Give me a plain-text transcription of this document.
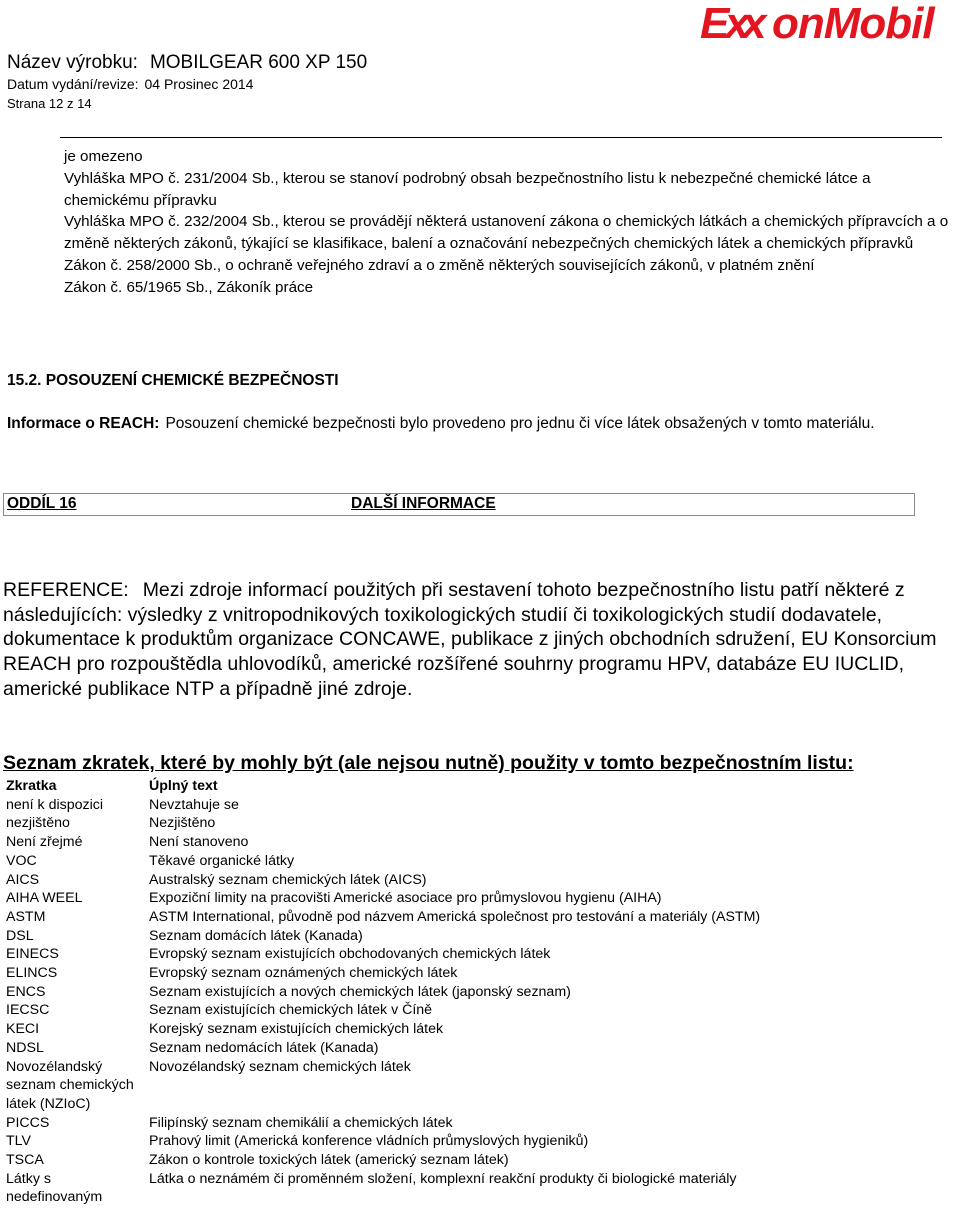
Název výrobku: MOBILGEAR 600 XP 150
Datum vydání/revize: 04 Prosinec 2014
Strana 12 z 14
E
x
x onMobil

je omezeno

Vyhláška MPO č. 231/2004 Sb., kterou se stanoví podrobný obsah bezpečnostního listu k nebezpečné chemické látce a chemickému přípravku

Vyhláška MPO č. 232/2004 Sb., kterou se provádějí některá ustanovení zákona o chemických látkách a chemických přípravcích a o změně některých zákonů, týkající se klasifikace, balení a označování nebezpečných chemických látek a chemických přípravků

Zákon č. 258/2000 Sb., o ochraně veřejného zdraví a o změně některých souvisejících zákonů, v platném znění

Zákon č. 65/1965 Sb., Zákoník práce

15.2. POSOUZENÍ CHEMICKÉ BEZPEČNOSTI
Informace o REACH: Posouzení chemické bezpečnosti bylo provedeno pro jednu či více látek obsažených v tomto materiálu.
ODDÍL 16	DALŠÍ INFORMACE
REFERENCE: Mezi zdroje informací použitých při sestavení tohoto bezpečnostního listu patří některé z následujících: výsledky z vnitropodnikových toxikologických studií či toxikologických studií dodavatele, dokumentace k produktům organizace CONCAWE, publikace z jiných obchodních sdružení, EU Konsorcium REACH pro rozpouštědla uhlovodíků, americké rozšířené souhrny programu HPV, databáze EU IUCLID, americké publikace NTP a případně jiné zdroje.
Seznam zkratek, které by mohly být (ale nejsou nutně) použity v tomto bezpečnostním listu:
Zkratka	Úplný text
není k dispozici	Nevztahuje se
nezjištěno	Nezjištěno
Není zřejmé	Není stanoveno
VOC	Těkavé organické látky
AICS	Australský seznam chemických látek (AICS)
AIHA WEEL	Expoziční limity na pracovišti Americké asociace pro průmyslovou hygienu (AIHA)
ASTM	ASTM International, původně pod názvem Americká společnost pro testování a materiály (ASTM)
DSL	Seznam domácích látek (Kanada)
EINECS	Evropský seznam existujících obchodovaných chemických látek
ELINCS	Evropský seznam oznámených chemických látek
ENCS	Seznam existujících a nových chemických látek (japonský seznam)
IECSC	Seznam existujících chemických látek v Číně
KECI	Korejský seznam existujících chemických látek
NDSL	Seznam nedomácích látek (Kanada)
Novozélandský seznam chemických látek (NZIoC)	Novozélandský seznam chemických látek
PICCS	Filipínský seznam chemikálií a chemických látek
TLV	Prahový limit (Americká konference vládních průmyslových hygieniků)
TSCA	Zákon o kontrole toxických látek (americký seznam látek)
Látky s nedefinovaným	Látka o neznámém či proměnném složení, komplexní reakční produkty či biologické materiály
